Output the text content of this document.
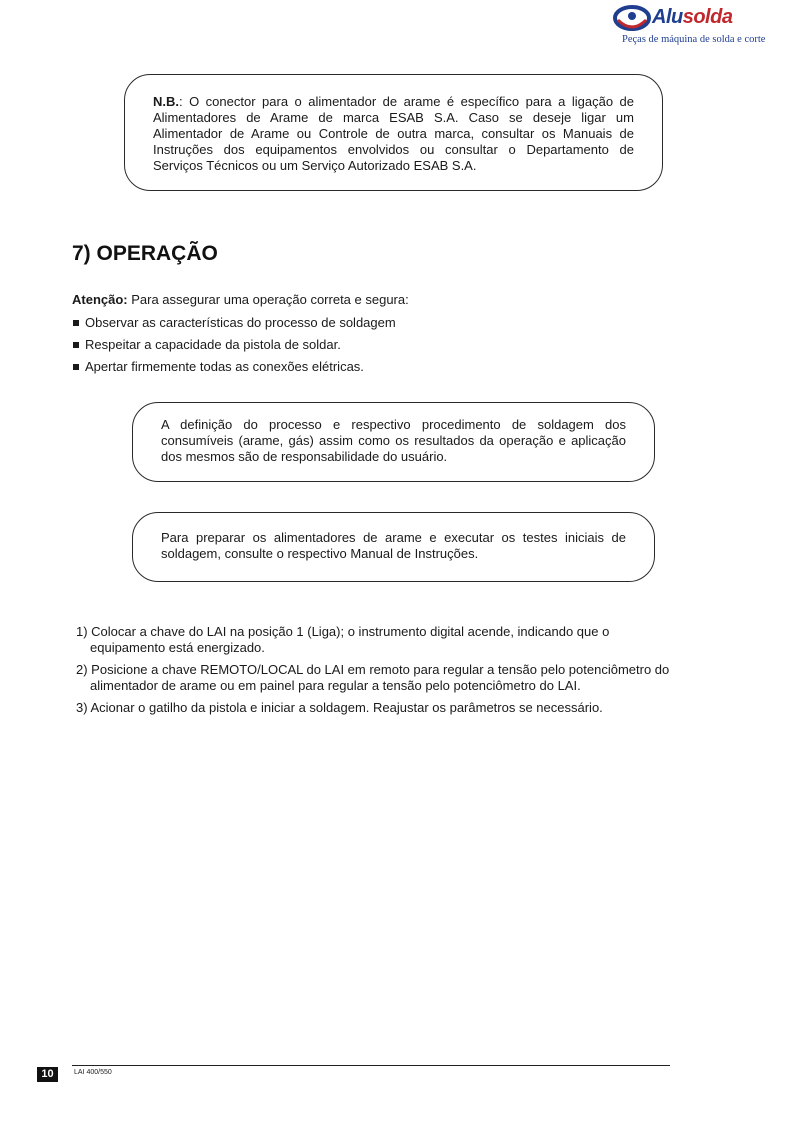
Alusolda
Peças de máquina de solda e corte

N.B.: O conector para o alimentador de arame é específico para a ligação de Alimentadores de Arame de marca ESAB S.A. Caso se deseje ligar um Alimentador de Arame ou Controle de outra marca, consultar os Manuais de Instruções dos equipamentos envolvidos ou consultar o Departamento de

Serviços Técnicos ou um Serviço Autorizado ESAB S.A.

7) OPERAÇÃO
Atenção: Para assegurar uma operação correta e segura:
Observar as características do processo de soldagem
Respeitar a capacidade da pistola de soldar.
Apertar firmemente todas as conexões elétricas.

A definição do processo e respectivo procedimento de soldagem dos consumíveis (arame, gás) assim como os resultados da operação e aplicação dos mesmos são de responsabilidade do usuário.

Para preparar os alimentadores de arame e executar os testes iniciais de soldagem, consulte o respectivo Manual de Instruções.

1) Colocar a chave do LAI na posição 1 (Liga); o instrumento digital acende, indicando que o
equipamento está energizado.
2) Posicione a chave REMOTO/LOCAL do LAI em remoto para regular a tensão pelo potenciômetro do
alimentador de arame ou em painel para regular a tensão pelo potenciômetro do LAI.
3) Acionar o gatilho da pistola e iniciar a soldagem. Reajustar os parâmetros se necessário.
10	LAI 400/550
